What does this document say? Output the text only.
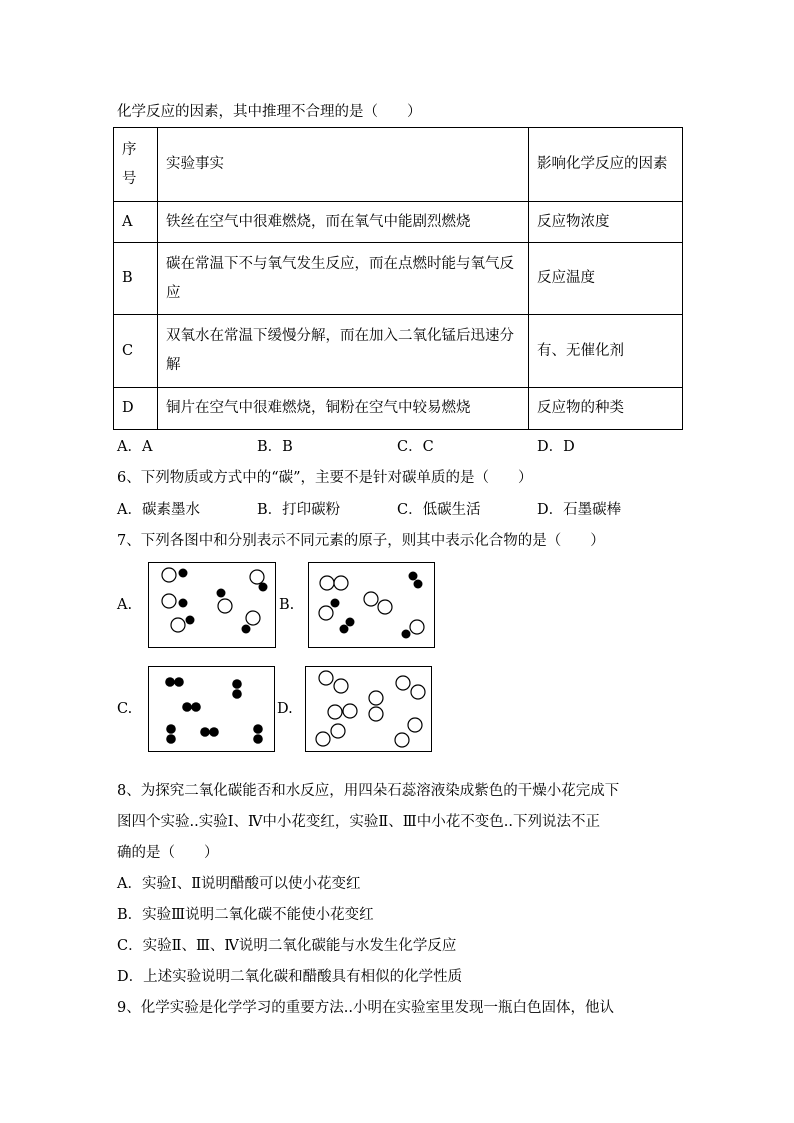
化学反应的因素，其中推理不合理的是（　　）
序号	实验事实	影响化学反应的因素
A	铁丝在空气中很难燃烧，而在氧气中能剧烈燃烧	反应物浓度
B	碳在常温下不与氧气发生反应，而在点燃时能与氧气反应	反应温度
C	双氧水在常温下缓慢分解，而在加入二氧化锰后迅速分解	有、无催化剂
D	铜片在空气中很难燃烧，铜粉在空气中较易燃烧	反应物的种类
A．A	B．B	C．C	D．D
6、下列物质或方式中的“碳”，主要不是针对碳单质的是（　　）
A．碳素墨水	B．打印碳粉	C．低碳生活	D．石墨碳棒
7、下列各图中和分别表示不同元素的原子，则其中表示化合物的是（　　）
A.	B.
C.	D.
8、为探究二氧化碳能否和水反应，用四朵石蕊溶液染成紫色的干燥小花完成下
图四个实验..实验Ⅰ、Ⅳ中小花变红，实验Ⅱ、Ⅲ中小花不变色..下列说法不正
确的是（　　）
A．实验Ⅰ、Ⅱ说明醋酸可以使小花变红
B．实验Ⅲ说明二氧化碳不能使小花变红
C．实验Ⅱ、Ⅲ、Ⅳ说明二氧化碳能与水发生化学反应
D．上述实验说明二氧化碳和醋酸具有相似的化学性质
9、化学实验是化学学习的重要方法..小明在实验室里发现一瓶白色固体，他认
